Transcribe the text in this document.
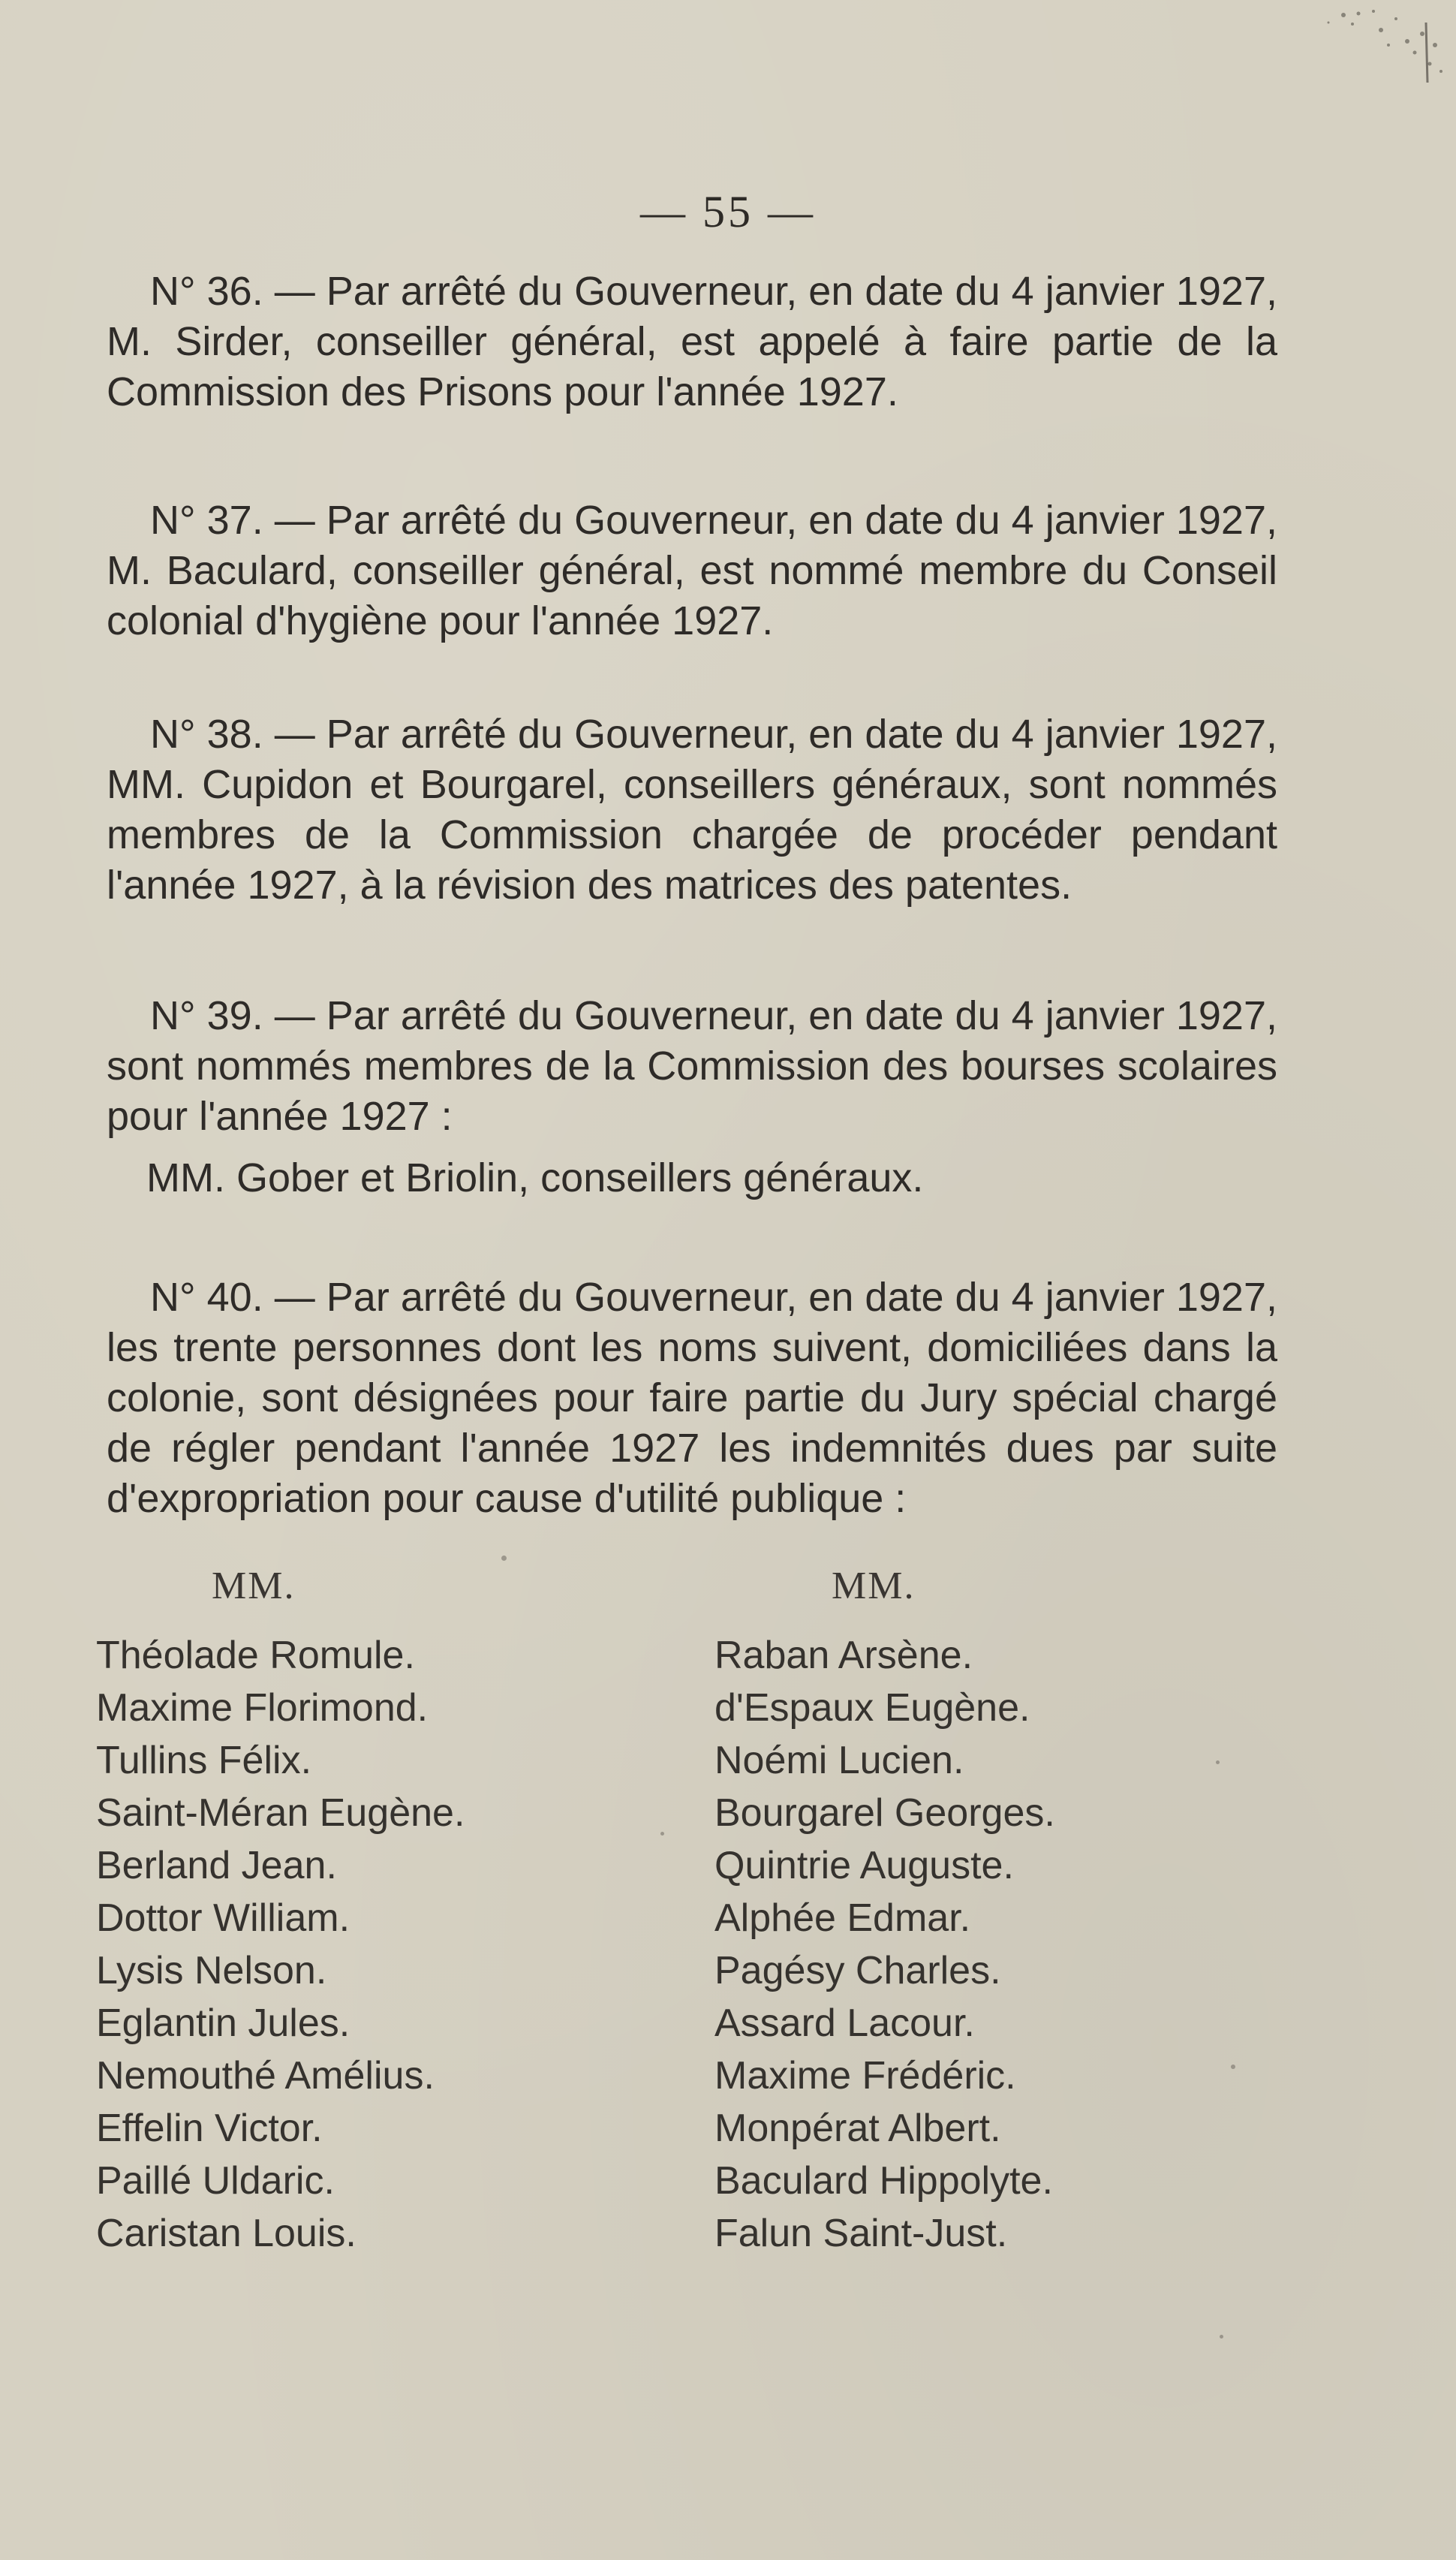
— 55 —

N° 36. — Par arrêté du Gouverneur, en date du 4 janvier 1927, M. Sirder, conseiller général, est appelé à faire partie de la Commission des Prisons pour l'année 1927.

N° 37. — Par arrêté du Gouverneur, en date du 4 janvier 1927, M. Baculard, conseiller général, est nommé membre du Conseil colonial d'hygiène pour l'année 1927.

N° 38. — Par arrêté du Gouverneur, en date du 4 janvier 1927, MM. Cupidon et Bourgarel, conseillers généraux, sont nommés membres de la Commission chargée de procéder pendant l'année 1927, à la révision des matrices des patentes.

N° 39. — Par arrêté du Gouverneur, en date du 4 janvier 1927, sont nommés membres de la Commission des bourses scolaires pour l'année 1927 :

MM. Gober et Briolin, conseillers généraux.

N° 40. — Par arrêté du Gouverneur, en date du 4 janvier 1927, les trente personnes dont les noms suivent, domiciliées dans la colonie, sont désignées pour faire partie du Jury spécial chargé de régler pendant l'année 1927 les indemnités dues par suite d'expropriation pour cause d'utilité publique :

MM.	MM.
Théolade Romule.
Maxime Florimond.
Tullins Félix.
Saint-Méran Eugène.
Berland Jean.
Dottor William.
Lysis Nelson.
Eglantin Jules.
Nemouthé Amélius.
Effelin Victor.
Paillé Uldaric.
Caristan Louis.
Raban Arsène.
d'Espaux Eugène.
Noémi Lucien.
Bourgarel Georges.
Quintrie Auguste.
Alphée Edmar.
Pagésy Charles.
Assard Lacour.
Maxime Frédéric.
Monpérat Albert.
Baculard Hippolyte.
Falun Saint-Just.
